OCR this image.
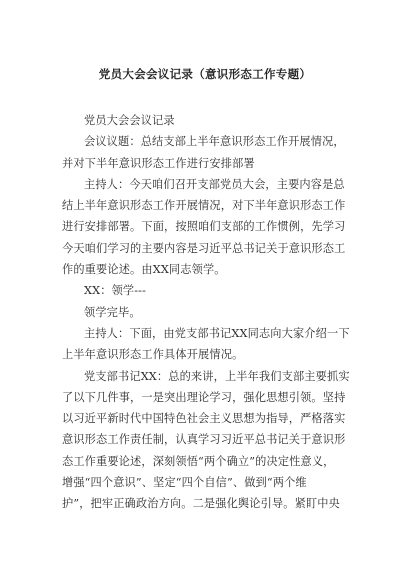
党员大会会议记录（意识形态工作专题）
党员大会会议记录
会议议题：总结支部上半年意识形态工作开展情况，
并对下半年意识形态工作进行安排部署
主持人：今天咱们召开支部党员大会，主要内容是总
结上半年意识形态工作开展情况，对下半年意识形态工作
进行安排部署。下面，按照咱们支部的工作惯例，先学习
今天咱们学习的主要内容是习近平总书记关于意识形态工
作的重要论述。由XX同志领学。
XX：领学---
领学完毕。
主持人：下面，由党支部书记XX同志向大家介绍一下
上半年意识形态工作具体开展情况。
党支部书记XX：总的来讲，上半年我们支部主要抓实
了以下几件事，一是突出理论学习，强化思想引领。坚持
以习近平新时代中国特色社会主义思想为指导，严格落实
意识形态工作责任制，认真学习习近平总书记关于意识形
态工作重要论述，深刻领悟“两个确立”的决定性意义，
增强“四个意识”、坚定“四个自信”、做到“两个维
护”，把牢正确政治方向。二是强化舆论引导。紧盯中央
